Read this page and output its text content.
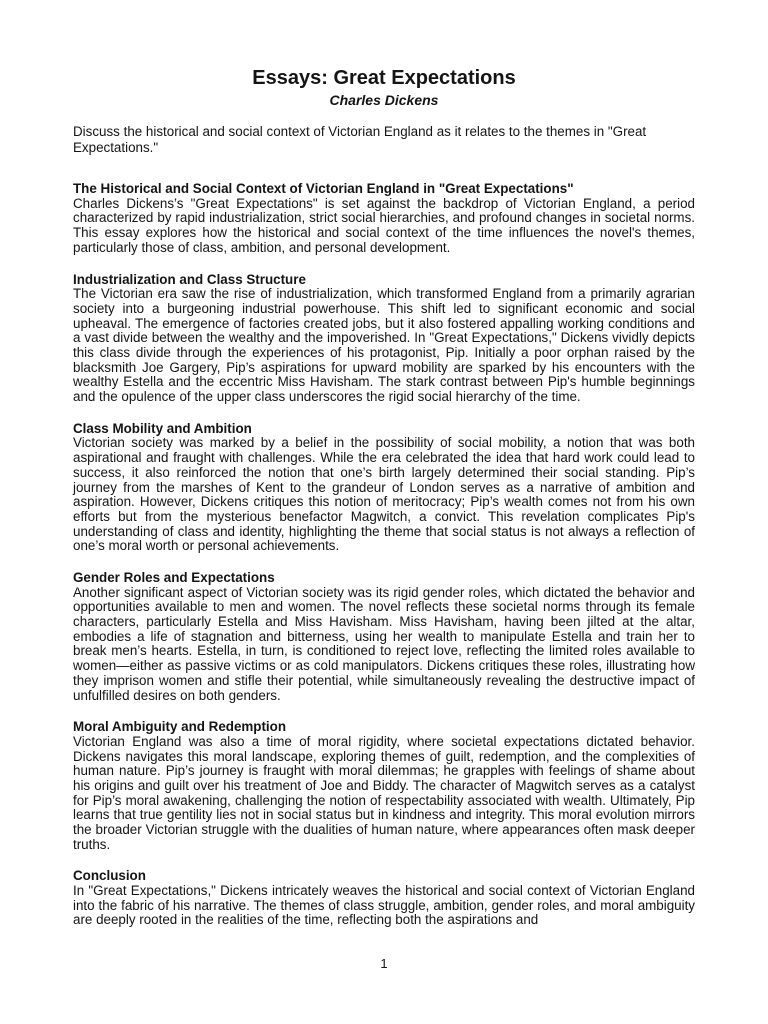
Essays: Great Expectations
Charles Dickens

Discuss the historical and social context of Victorian England as it relates to the themes in "Great Expectations."

The Historical and Social Context of Victorian England in "Great Expectations"

Charles Dickens’s "Great Expectations" is set against the backdrop of Victorian England, a period characterized by rapid industrialization, strict social hierarchies, and profound changes in societal norms. This essay explores how the historical and social context of the time influences the novel's themes, particularly those of class, ambition, and personal development.

Industrialization and Class Structure

The Victorian era saw the rise of industrialization, which transformed England from a primarily agrarian society into a burgeoning industrial powerhouse. This shift led to significant economic and social upheaval. The emergence of factories created jobs, but it also fostered appalling working conditions and a vast divide between the wealthy and the impoverished. In "Great Expectations," Dickens vividly depicts this class divide through the experiences of his protagonist, Pip. Initially a poor orphan raised by the blacksmith Joe Gargery, Pip’s aspirations for upward mobility are sparked by his encounters with the wealthy Estella and the eccentric Miss Havisham. The stark contrast between Pip's humble beginnings and the opulence of the upper class underscores the rigid social hierarchy of the time.

Class Mobility and Ambition

Victorian society was marked by a belief in the possibility of social mobility, a notion that was both aspirational and fraught with challenges. While the era celebrated the idea that hard work could lead to success, it also reinforced the notion that one’s birth largely determined their social standing. Pip’s journey from the marshes of Kent to the grandeur of London serves as a narrative of ambition and aspiration. However, Dickens critiques this notion of meritocracy; Pip’s wealth comes not from his own efforts but from the mysterious benefactor Magwitch, a convict. This revelation complicates Pip's understanding of class and identity, highlighting the theme that social status is not always a reflection of one’s moral worth or personal achievements.

Gender Roles and Expectations

Another significant aspect of Victorian society was its rigid gender roles, which dictated the behavior and opportunities available to men and women. The novel reflects these societal norms through its female characters, particularly Estella and Miss Havisham. Miss Havisham, having been jilted at the altar, embodies a life of stagnation and bitterness, using her wealth to manipulate Estella and train her to break men’s hearts. Estella, in turn, is conditioned to reject love, reflecting the limited roles available to women—either as passive victims or as cold manipulators. Dickens critiques these roles, illustrating how they imprison women and stifle their potential, while simultaneously revealing the destructive impact of unfulfilled desires on both genders.

Moral Ambiguity and Redemption

Victorian England was also a time of moral rigidity, where societal expectations dictated behavior. Dickens navigates this moral landscape, exploring themes of guilt, redemption, and the complexities of human nature. Pip’s journey is fraught with moral dilemmas; he grapples with feelings of shame about his origins and guilt over his treatment of Joe and Biddy. The character of Magwitch serves as a catalyst for Pip’s moral awakening, challenging the notion of respectability associated with wealth. Ultimately, Pip learns that true gentility lies not in social status but in kindness and integrity. This moral evolution mirrors the broader Victorian struggle with the dualities of human nature, where appearances often mask deeper truths.

Conclusion

In "Great Expectations," Dickens intricately weaves the historical and social context of Victorian England into the fabric of his narrative. The themes of class struggle, ambition, gender roles, and moral ambiguity are deeply rooted in the realities of the time, reflecting both the aspirations and

1
